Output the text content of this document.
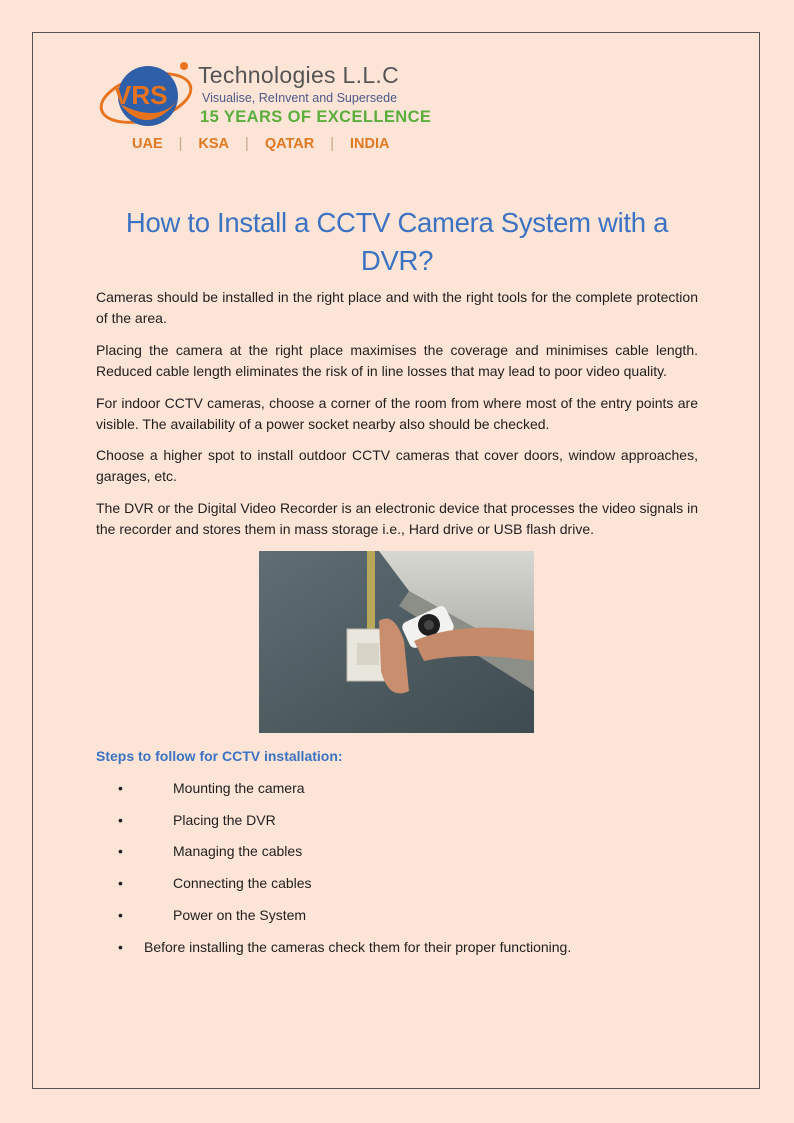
VRS
Technologies L.L.C
Visualise, ReInvent and Supersede
15 YEARS OF EXCELLENCE
UAE | KSA | QATAR | INDIA
How to Install a CCTV Camera System with a DVR?

Cameras should be installed in the right place and with the right tools for the complete protection of the area.

Placing the camera at the right place maximises the coverage and minimises cable length. Reduced cable length eliminates the risk of in line losses that may lead to poor video quality.

For indoor CCTV cameras, choose a corner of the room from where most of the entry points are visible. The availability of a power socket nearby also should be checked.

Choose a higher spot to install outdoor CCTV cameras that cover doors, window approaches, garages, etc.

The DVR or the Digital Video Recorder is an electronic device that processes the video signals in the recorder and stores them in mass storage i.e., Hard drive or USB flash drive.

Steps to follow for CCTV installation:
•	Mounting the camera
•	Placing the DVR
•	Managing the cables
•	Connecting the cables
•	Power on the System
• Before installing the cameras check them for their proper functioning.
